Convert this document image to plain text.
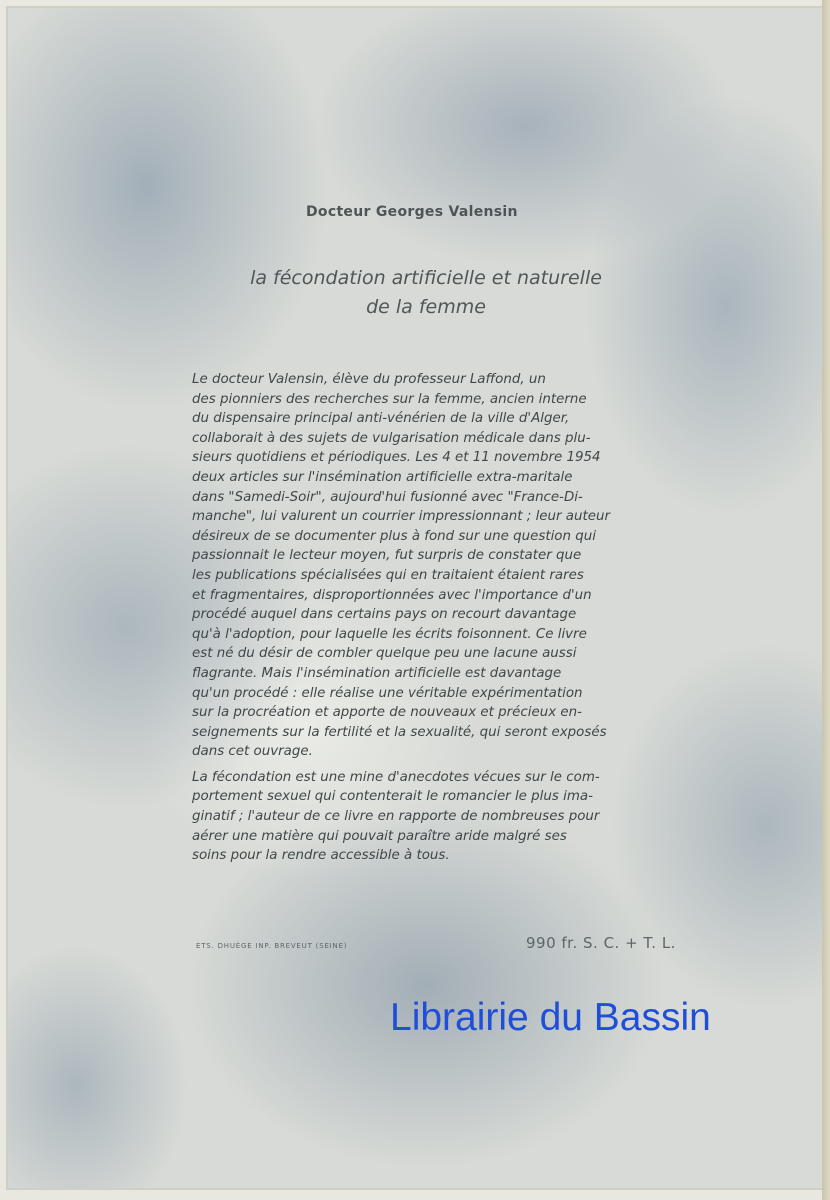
Docteur Georges Valensin
la fécondation artificielle et naturelle
de la femme
Le docteur Valensin, élève du professeur Laffond, un
des pionniers des recherches sur la femme, ancien interne
du dispensaire principal anti-vénérien de la ville d'Alger,
collaborait à des sujets de vulgarisation médicale dans plu-
sieurs quotidiens et périodiques. Les 4 et 11 novembre 1954
deux articles sur l'insémination artificielle extra-maritale
dans "Samedi-Soir", aujourd'hui fusionné avec "France-Di-
manche", lui valurent un courrier impressionnant ; leur auteur
désireux de se documenter plus à fond sur une question qui
passionnait le lecteur moyen, fut surpris de constater que
les publications spécialisées qui en traitaient étaient rares
et fragmentaires, disproportionnées avec l'importance d'un
procédé auquel dans certains pays on recourt davantage
qu'à l'adoption, pour laquelle les écrits foisonnent. Ce livre
est né du désir de combler quelque peu une lacune aussi
flagrante. Mais l'insémination artificielle est davantage
qu'un procédé : elle réalise une véritable expérimentation
sur la procréation et apporte de nouveaux et précieux en-
seignements sur la fertilité et la sexualité, qui seront exposés
dans cet ouvrage.
La fécondation est une mine d'anecdotes vécues sur le com-
portement sexuel qui contenterait le romancier le plus ima-
ginatif ; l'auteur de ce livre en rapporte de nombreuses pour
aérer une matière qui pouvait paraître aride malgré ses
soins pour la rendre accessible à tous.
ETS. DHUÈGE INP. BREVEUT (SEINE)	990 fr. S. C. + T. L.
Librairie du Bassin
